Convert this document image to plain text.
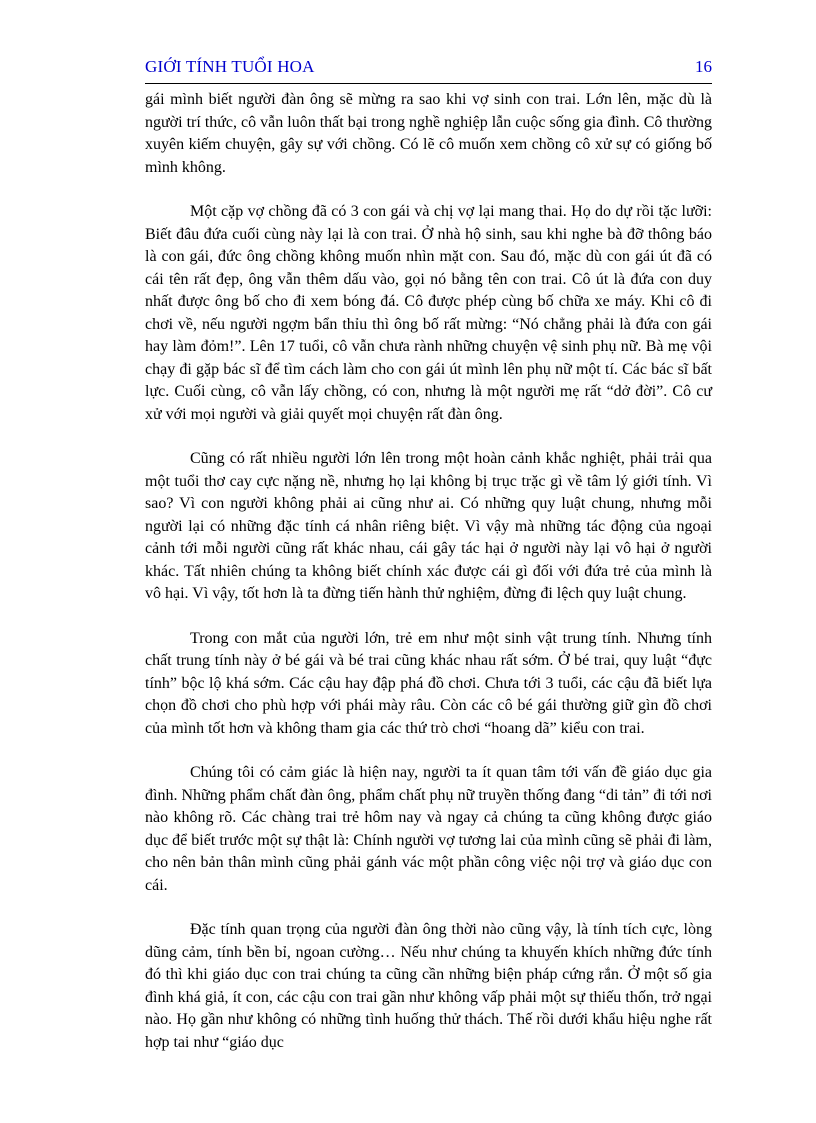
GIỚI TÍNH TUỔI HOA	16

gái mình biết người đàn ông sẽ mừng ra sao khi vợ sinh con trai. Lớn lên, mặc dù là người trí thức, cô vẫn luôn thất bại trong nghề nghiệp lẫn cuộc sống gia đình. Cô thường xuyên kiếm chuyện, gây sự với chồng. Có lẽ cô muốn xem chồng cô xử sự có giống bố mình không.

Một cặp vợ chồng đã có 3 con gái và chị vợ lại mang thai. Họ do dự rồi tặc lưỡi: Biết đâu đứa cuối cùng này lại là con trai. Ở nhà hộ sinh, sau khi nghe bà đỡ thông báo là con gái, đức ông chồng không muốn nhìn mặt con. Sau đó, mặc dù con gái út đã có cái tên rất đẹp, ông vẫn thêm dấu vào, gọi nó bằng tên con trai. Cô út là đứa con duy nhất được ông bố cho đi xem bóng đá. Cô được phép cùng bố chữa xe máy. Khi cô đi chơi về, nếu người ngợm bẩn thỉu thì ông bố rất mừng: “Nó chẳng phải là đứa con gái hay làm đỏm!”. Lên 17 tuổi, cô vẫn chưa rành những chuyện vệ sinh phụ nữ. Bà mẹ vội chạy đi gặp bác sĩ để tìm cách làm cho con gái út mình lên phụ nữ một tí. Các bác sĩ bất lực. Cuối cùng, cô vẫn lấy chồng, có con, nhưng là một người mẹ rất “dở đời”. Cô cư xử với mọi người và giải quyết mọi chuyện rất đàn ông.

Cũng có rất nhiều người lớn lên trong một hoàn cảnh khắc nghiệt, phải trải qua một tuổi thơ cay cực nặng nề, nhưng họ lại không bị trục trặc gì về tâm lý giới tính. Vì sao? Vì con người không phải ai cũng như ai. Có những quy luật chung, nhưng mỗi người lại có những đặc tính cá nhân riêng biệt. Vì vậy mà những tác động của ngoại cảnh tới mỗi người cũng rất khác nhau, cái gây tác hại ở người này lại vô hại ở người khác. Tất nhiên chúng ta không biết chính xác được cái gì đối với đứa trẻ của mình là vô hại. Vì vậy, tốt hơn là ta đừng tiến hành thử nghiệm, đừng đi lệch quy luật chung.

Trong con mắt của người lớn, trẻ em như một sinh vật trung tính. Nhưng tính chất trung tính này ở bé gái và bé trai cũng khác nhau rất sớm. Ở bé trai, quy luật “đực tính” bộc lộ khá sớm. Các cậu hay đập phá đồ chơi. Chưa tới 3 tuổi, các cậu đã biết lựa chọn đồ chơi cho phù hợp với phái mày râu. Còn các cô bé gái thường giữ gìn đồ chơi của mình tốt hơn và không tham gia các thứ trò chơi “hoang dã” kiểu con trai.

Chúng tôi có cảm giác là hiện nay, người ta ít quan tâm tới vấn đề giáo dục gia đình. Những phẩm chất đàn ông, phẩm chất phụ nữ truyền thống đang “di tản” đi tới nơi nào không rõ. Các chàng trai trẻ hôm nay và ngay cả chúng ta cũng không được giáo dục để biết trước một sự thật là: Chính người vợ tương lai của mình cũng sẽ phải đi làm, cho nên bản thân mình cũng phải gánh vác một phần công việc nội trợ và giáo dục con cái.

Đặc tính quan trọng của người đàn ông thời nào cũng vậy, là tính tích cực, lòng dũng cảm, tính bền bỉ, ngoan cường… Nếu như chúng ta khuyến khích những đức tính đó thì khi giáo dục con trai chúng ta cũng cần những biện pháp cứng rắn. Ở một số gia đình khá giả, ít con, các cậu con trai gần như không vấp phải một sự thiếu thốn, trở ngại nào. Họ gần như không có những tình huống thử thách. Thế rồi dưới khẩu hiệu nghe rất hợp tai như “giáo dục
